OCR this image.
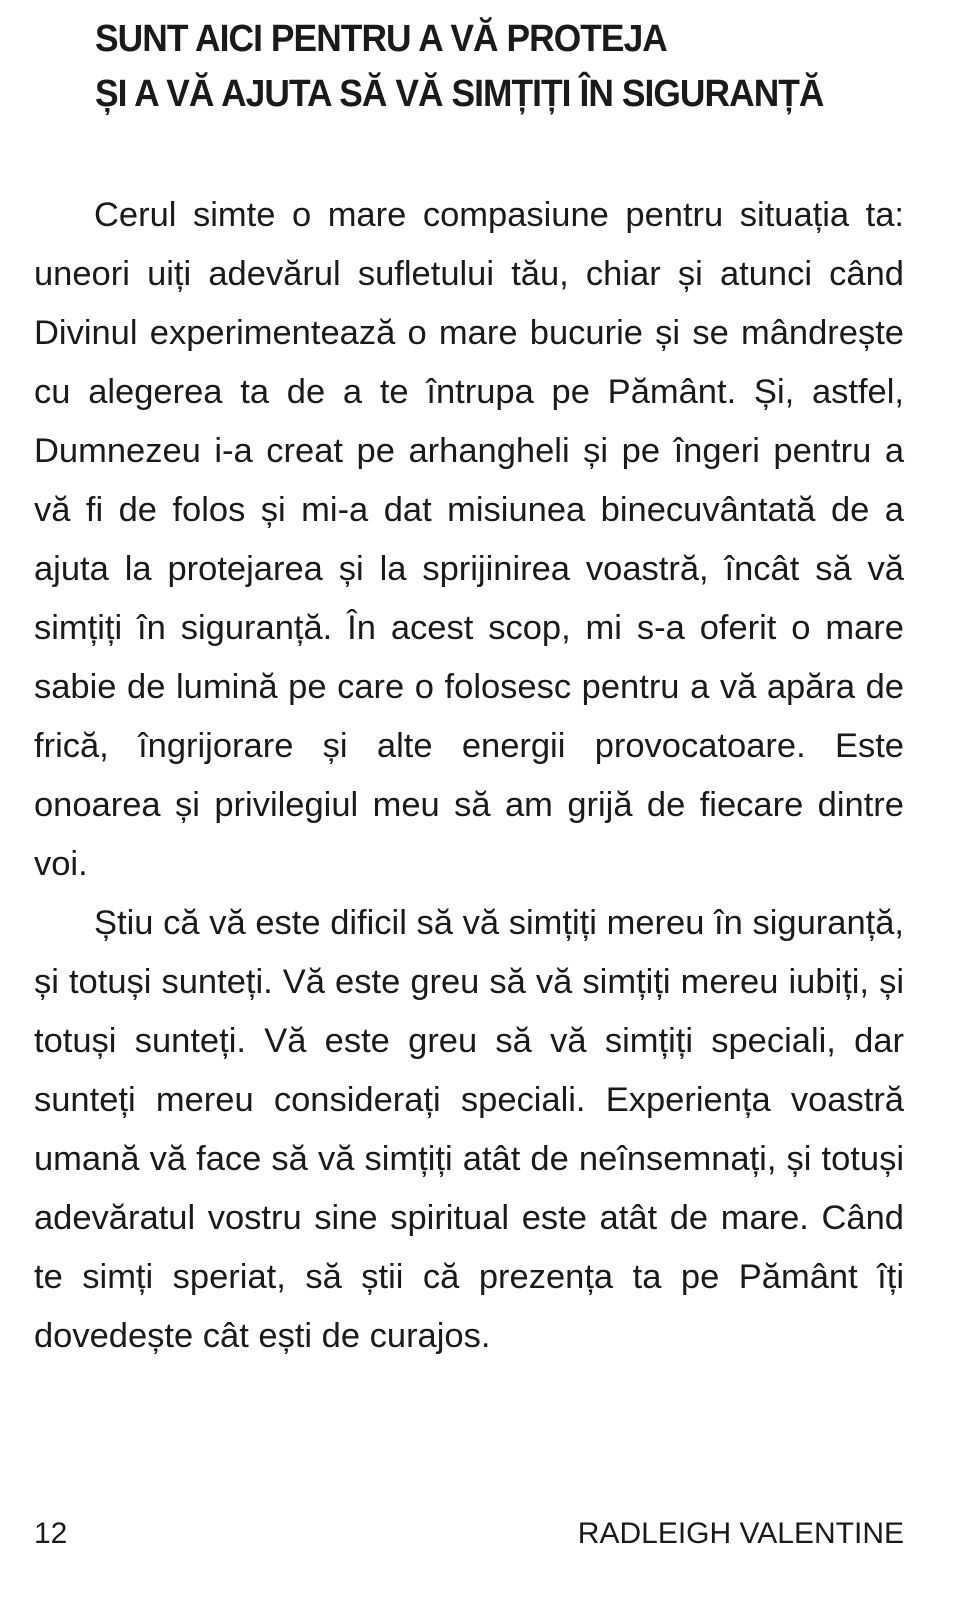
SUNT AICI PENTRU A VĂ PROTEJA
ȘI A VĂ AJUTA SĂ VĂ SIMȚIȚI ÎN SIGURANȚĂ

Cerul simte o mare compasiune pentru situația ta: uneori uiți adevărul sufletului tău, chiar și atunci când Divinul experimentează o mare bucurie și se mândrește cu alegerea ta de a te întrupa pe Pământ. Și, astfel, Dumnezeu i-a creat pe arhangheli și pe îngeri pentru a vă fi de folos și mi-a dat misiunea binecuvântată de a ajuta la protejarea și la sprijinirea voastră, încât să vă simțiți în siguranță. În acest scop, mi s-a oferit o mare sabie de lumină pe care o folosesc pentru a vă apăra de frică, îngrijorare și alte energii provocatoare. Este onoarea și privilegiul meu să am grijă de fiecare dintre voi.

Știu că vă este dificil să vă simțiți mereu în siguranță, și totuși sunteți. Vă este greu să vă simțiți mereu iubiți, și totuși sunteți. Vă este greu să vă simțiți speciali, dar sunteți mereu considerați speciali. Experiența voastră umană vă face să vă simțiți atât de neînsemnați, și totuși adevăratul vostru sine spiritual este atât de mare. Când te simți speriat, să știi că prezența ta pe Pământ îți dovedește cât ești de curajos.

12	RADLEIGH VALENTINE
